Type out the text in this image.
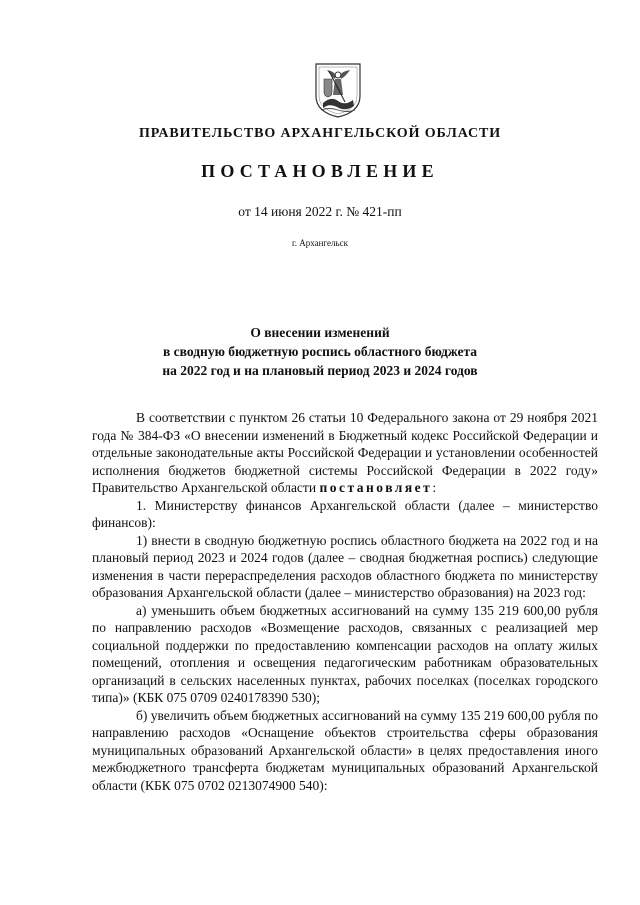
ПРАВИТЕЛЬСТВО АРХАНГЕЛЬСКОЙ ОБЛАСТИ
ПОСТАНОВЛЕНИЕ
от 14 июня 2022 г. № 421-пп
г. Архангельск
О внесении изменений
в сводную бюджетную роспись областного бюджета
на 2022 год и на плановый период 2023 и 2024 годов

В соответствии с пунктом 26 статьи 10 Федерального закона от 29 ноября 2021 года № 384-ФЗ «О внесении изменений в Бюджетный кодекс Российской Федерации и отдельные законодательные акты Российской Федерации и установлении особенностей исполнения бюджетов бюджетной системы Российской Федерации в 2022 году» Правительство Архангельской области постановляет:

1. Министерству финансов Архангельской области (далее – министерство финансов):

1) внести в сводную бюджетную роспись областного бюджета на 2022 год и на плановый период 2023 и 2024 годов (далее – сводная бюджетная роспись) следующие изменения в части перераспределения расходов областного бюджета по министерству образования Архангельской области (далее – министерство образования) на 2023 год:

а) уменьшить объем бюджетных ассигнований на сумму 135 219 600,00 рубля по направлению расходов «Возмещение расходов, связанных с реализацией мер социальной поддержки по предоставлению компенсации расходов на оплату жилых помещений, отопления и освещения педагогическим работникам образовательных организаций в сельских населенных пунктах, рабочих поселках (поселках городского типа)» (КБК 075 0709 0240178390 530);

б) увеличить объем бюджетных ассигнований на сумму 135 219 600,00 рубля по направлению расходов «Оснащение объектов строительства сферы образования муниципальных образований Архангельской области» в целях предоставления иного межбюджетного трансферта бюджетам муниципальных образований Архангельской области (КБК 075 0702 0213074900 540):
